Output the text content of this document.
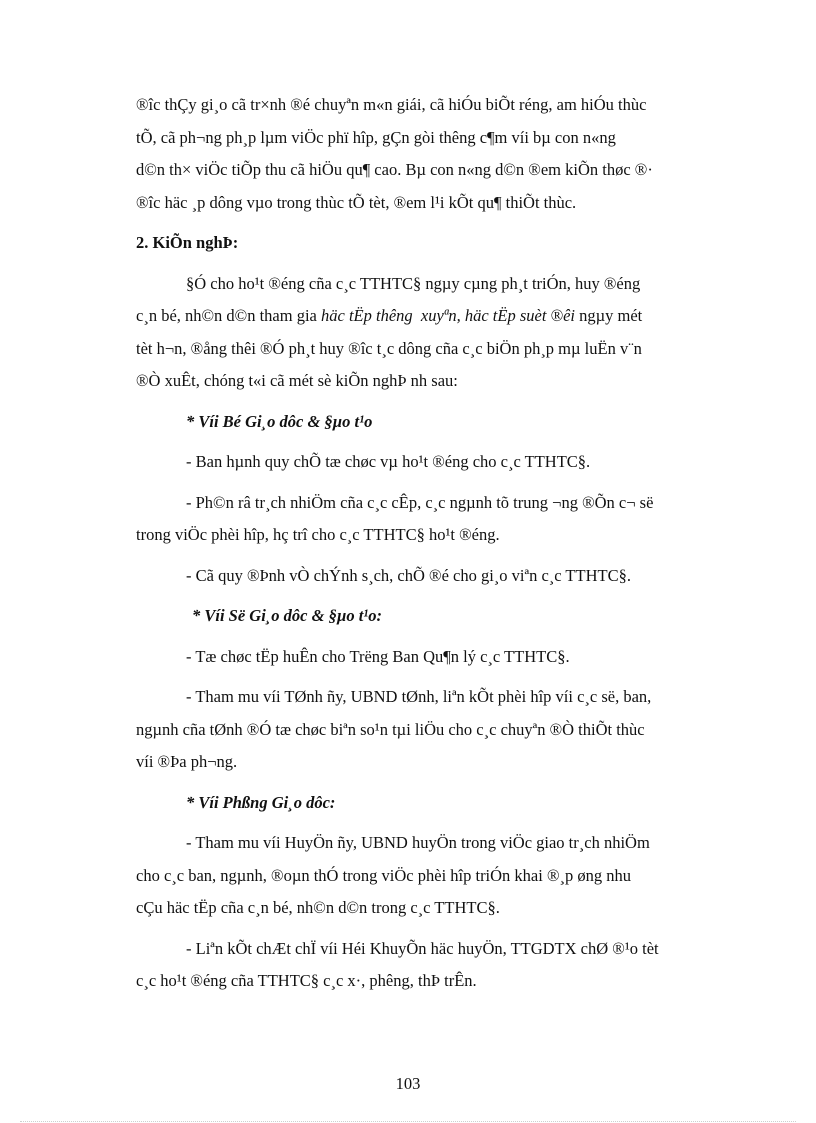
®îc thÇy gi¸o cã tr×nh ®é chuyªn m«n giái, cã hiÓu biÕt réng, am hiÓu thùc
tÕ, cã ph¬ng ph¸p lµm viÖc phï hîp, gÇn gòi thêng c¶m víi bµ con n«ng
d©n th× viÖc tiÕp thu cã hiÖu qu¶ cao. Bµ con n«ng d©n ®em kiÕn thøc ®·
®îc häc ¸p dông vµo trong thùc tÕ tèt, ®em l¹i kÕt qu¶ thiÕt thùc.
2. KiÕn nghÞ:
§Ó cho ho¹t ®éng cña c¸c TTHTC§ ngµy cµng ph¸t triÓn, huy ®éng
c¸n bé, nh©n d©n tham gia häc tËp thêng  xuyªn, häc tËp suèt ®êi ngµy mét
tèt h¬n, ®ång thêi ®Ó ph¸t huy ®îc t¸c dông cña c¸c biÖn ph¸p mµ luËn v¨n
®Ò xuÊt, chóng t«i cã mét sè kiÕn nghÞ nh sau:
* Víi Bé Gi¸o dôc & §µo t¹o
- Ban hµnh quy chÕ tæ chøc vµ ho¹t ®éng cho c¸c TTHTC§.
- Ph©n râ tr¸ch nhiÖm cña c¸c cÊp, c¸c ngµnh tõ trung ¬ng ®Õn c¬ së
trong viÖc phèi hîp, hç trî cho c¸c TTHTC§ ho¹t ®éng.
- Cã quy ®Þnh vÒ chÝnh s¸ch, chÕ ®é cho gi¸o viªn c¸c TTHTC§.
* Víi Së Gi¸o dôc & §µo t¹o:
- Tæ chøc tËp huÊn cho Trëng Ban Qu¶n lý c¸c TTHTC§.
- Tham mu víi TØnh ñy, UBND tØnh, liªn kÕt phèi hîp víi c¸c së, ban,
ngµnh cña tØnh ®Ó tæ chøc biªn so¹n tµi liÖu cho c¸c chuyªn ®Ò thiÕt thùc
víi ®Þa ph¬ng.
* Víi Phßng Gi¸o dôc:
- Tham mu víi HuyÖn ñy, UBND huyÖn trong viÖc giao tr¸ch nhiÖm
cho c¸c ban, ngµnh, ®oµn thÓ trong viÖc phèi hîp triÓn khai ®¸p øng nhu
cÇu häc tËp cña c¸n bé, nh©n d©n trong c¸c TTHTC§.
- Liªn kÕt chÆt chÏ víi Héi KhuyÕn häc huyÖn, TTGDTX chØ ®¹o tèt
c¸c ho¹t ®éng cña TTHTC§ c¸c x·, phêng, thÞ trÊn.
103
